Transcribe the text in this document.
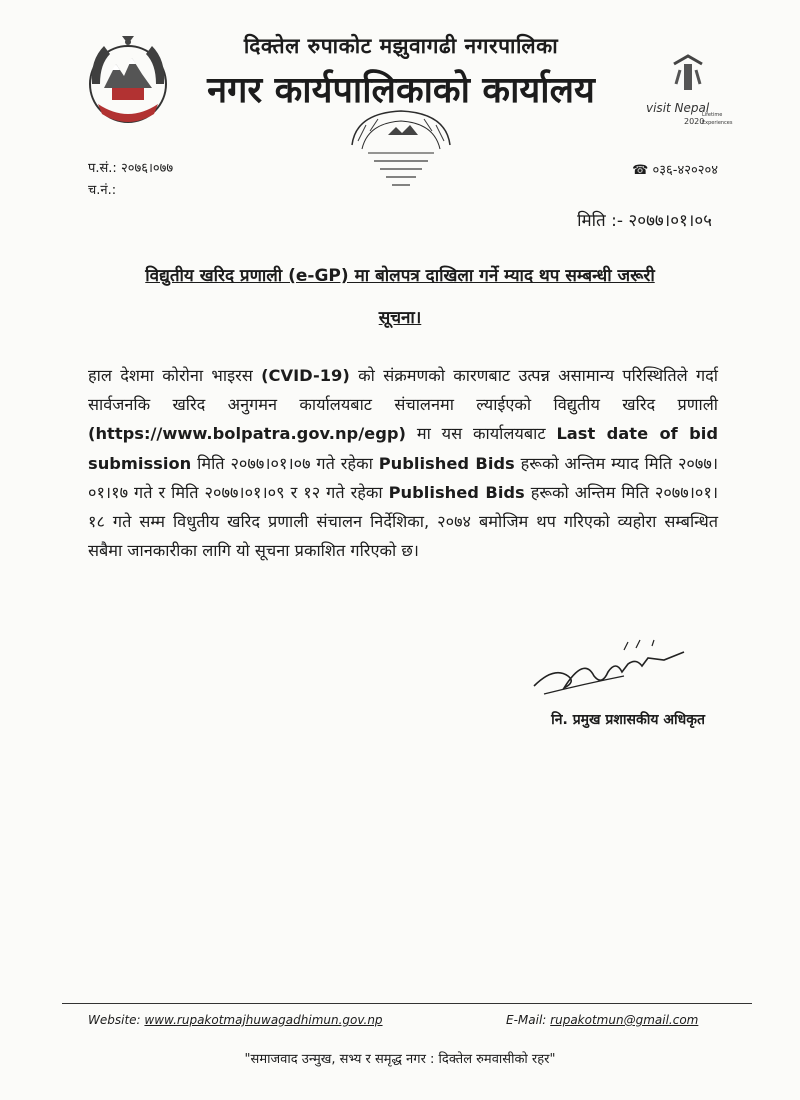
दिक्तेल रुपाकोट मझुवागढी नगरपालिका
नगर कार्यपालिकाको कार्यालय	visit Nepal
2020
Lifetime
Experiences
प.सं.: २०७६।०७७
च.नं.:
☎ ०३६-४२०२०४
मिति :- २०७७।०१।०५
विद्युतीय खरिद प्रणाली (e-GP) मा बोलपत्र दाखिला गर्ने म्याद थप सम्बन्धी जरूरी
सूचना।
हाल देशमा कोरोना भाइरस (CVID-19) को संक्रमणको कारणबाट उत्पन्न असामान्य परिस्थितिले गर्दा सार्वजनकि खरिद अनुगमन कार्यालयबाट संचालनमा ल्याईएको विद्युतीय खरिद प्रणाली (https://www.bolpatra.gov.np/egp) मा यस कार्यालयबाट Last date of bid submission मिति २०७७।०१।०७ गते रहेका Published Bids हरूको अन्तिम म्याद मिति २०७७।०१।१७ गते र मिति २०७७।०१।०९ र १२ गते रहेका Published Bids हरूको अन्तिम मिति २०७७।०१।१८ गते सम्म विधुतीय खरिद प्रणाली संचालन निर्देशिका, २०७४ बमोजिम थप गरिएको व्यहोरा सम्बन्धित सबैमा जानकारीका लागि यो सूचना प्रकाशित गरिएको छ।
नि. प्रमुख प्रशासकीय अधिकृत
Website: www.rupakotmajhuwagadhimun.gov.np	E-Mail: rupakotmun@gmail.com
"समाजवाद उन्मुख, सभ्य र समृद्ध नगर : दिक्तेल रुमवासीको रहर"
